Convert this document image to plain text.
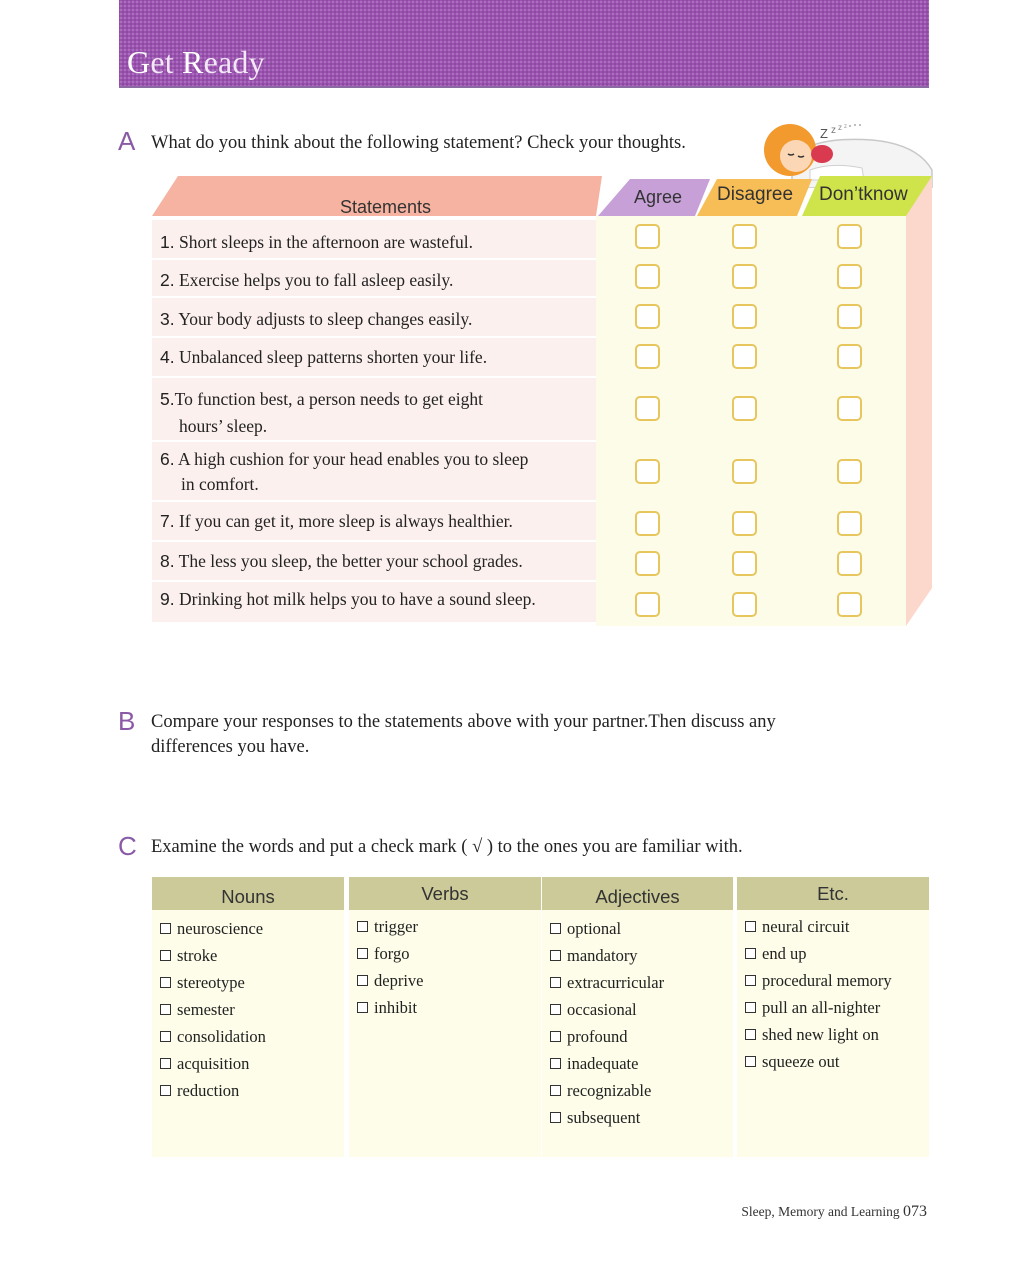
Get Ready
A What do you think about the following statement? Check your thoughts.	Z z z z
Statements	Agree Disagree Don’tknow
1. Short sleeps in the afternoon are wasteful.
2. Exercise helps you to fall asleep easily.
3. Your body adjusts to sleep changes easily.
4. Unbalanced sleep patterns shorten your life.
5.To function best, a person needs to get eight
hours’ sleep.
6. A high cushion for your head enables you to sleep
in comfort.
7. If you can get it, more sleep is always healthier.
8. The less you sleep, the better your school grades.
9. Drinking hot milk helps you to have a sound sleep.
B Compare your responses to the statements above with your partner.Then discuss any
differences you have.
C Examine the words and put a check mark ( √ ) to the ones you are familiar with.
Nouns
neuroscience
stroke
stereotype
semester
consolidation
acquisition
reduction
Verbs
trigger
forgo
deprive
inhibit
Adjectives
optional
mandatory
extracurricular
occasional
profound
inadequate
recognizable
subsequent
Etc.
neural circuit
end up
procedural memory
pull an all-nighter
shed new light on
squeeze out
Sleep, Memory and Learning 073
